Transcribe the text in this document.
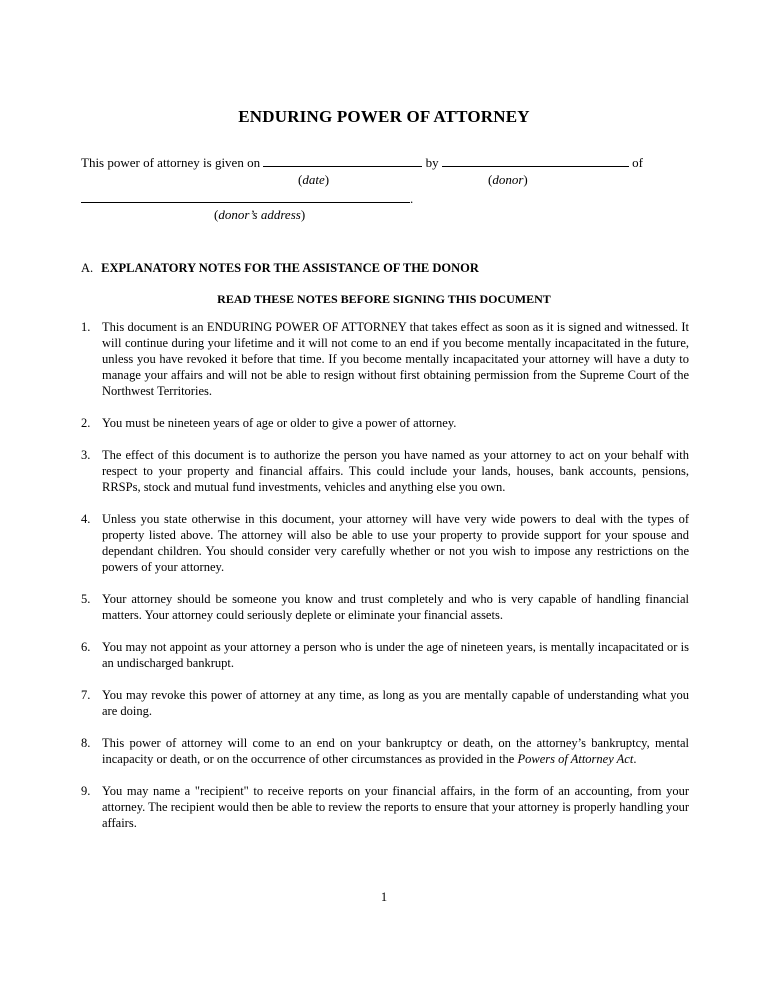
ENDURING POWER OF ATTORNEY
This power of attorney is given on	by	of
(date)	(donor)
.
(donor’s address)
A. EXPLANATORY NOTES FOR THE ASSISTANCE OF THE DONOR
READ THESE NOTES BEFORE SIGNING THIS DOCUMENT
1. This document is an ENDURING POWER OF ATTORNEY that takes effect as soon as it is signed and witnessed. It will continue during your lifetime and it will not come to an end if you become mentally incapacitated in the future, unless you have revoked it before that time. If you become mentally incapacitated your attorney will have a duty to manage your affairs and will not be able to resign without first obtaining permission from the Supreme Court of the Northwest Territories.
2. You must be nineteen years of age or older to give a power of attorney.
3. The effect of this document is to authorize the person you have named as your attorney to act on your behalf with respect to your property and financial affairs. This could include your lands, houses, bank accounts, pensions, RRSPs, stock and mutual fund investments, vehicles and anything else you own.
4. Unless you state otherwise in this document, your attorney will have very wide powers to deal with the types of property listed above. The attorney will also be able to use your property to provide support for your spouse and dependant children. You should consider very carefully whether or not you wish to impose any restrictions on the powers of your attorney.
5. Your attorney should be someone you know and trust completely and who is very capable of handling financial matters. Your attorney could seriously deplete or eliminate your financial assets.
6. You may not appoint as your attorney a person who is under the age of nineteen years, is mentally incapacitated or is an undischarged bankrupt.
7. You may revoke this power of attorney at any time, as long as you are mentally capable of understanding what you are doing.
8. This power of attorney will come to an end on your bankruptcy or death, on the attorney’s bankruptcy, mental incapacity or death, or on the occurrence of other circumstances as provided in the Powers of Attorney Act.
9. You may name a "recipient" to receive reports on your financial affairs, in the form of an accounting, from your attorney. The recipient would then be able to review the reports to ensure that your attorney is properly handling your affairs.
1
